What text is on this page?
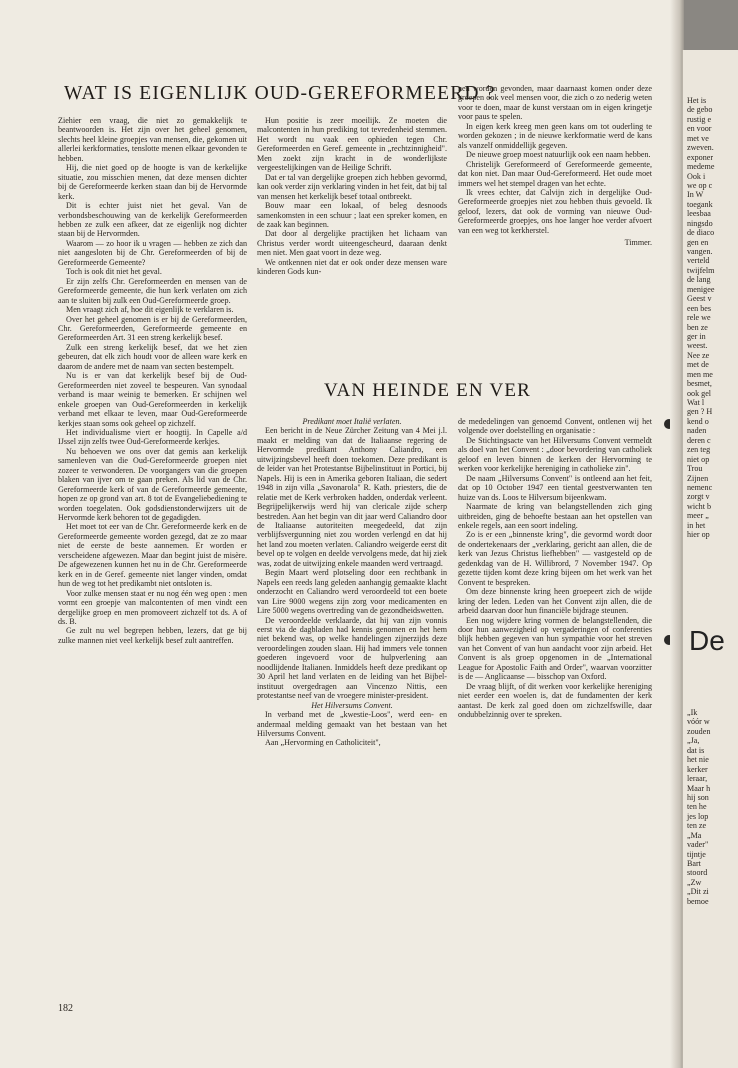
WAT IS EIGENLIJK OUD-GEREFORMEERD ?

Ziehier een vraag, die niet zo gemakkelijk te beantwoorden is. Het zijn over het geheel genomen, slechts heel kleine groepjes van mensen, die, gekomen uit allerlei kerkformaties, tenslotte menen elkaar gevonden te hebben.

Hij, die niet goed op de hoogte is van de kerkelijke situatie, zou misschien menen, dat deze mensen dichter bij de Gereformeerde kerken staan dan bij de Hervormde kerk.

Dit is echter juist niet het geval. Van de verbondsbeschouwing van de kerkelijk Gereformeerden hebben ze zulk een afkeer, dat ze eigenlijk nog dichter staan bij de Hervormden.

Waarom — zo hoor ik u vragen — hebben ze zich dan niet aangesloten bij de Chr. Gereformeerden of bij de Gereformeerde Gemeente?

Toch is ook dit niet het geval.

Er zijn zelfs Chr. Gereformeerden en mensen van de Gereformeerde gemeente, die hun kerk verlaten om zich aan te sluiten bij zulk een Oud-Gereformeerde groep.

Men vraagt zich af, hoe dit eigenlijk te verklaren is.

Over het geheel genomen is er bij de Gereformeerden, Chr. Gereformeerden, Gereformeerde gemeente en Gereformeerden Art. 31 een streng kerkelijk besef.

Zulk een streng kerkelijk besef, dat we het zien gebeuren, dat elk zich houdt voor de alleen ware kerk en daarom de andere met de naam van secten bestempelt.

Nu is er van dat kerkelijk besef bij de Oud-Gereformeerden niet zoveel te bespeuren. Van synodaal verband is maar weinig te bemerken. Er schijnen wel enkele groepen van Oud-Gereformeerden in kerkelijk verband met elkaar te leven, maar Oud-Gereformeerde kerkjes staan soms ook geheel op zichzelf.

Het individualisme viert er hoogtij. In Capelle a/d IJssel zijn zelfs twee Oud-Gereformeerde kerkjes.

Nu behoeven we ons over dat gemis aan kerkelijk samenleven van die Oud-Gereformeerde groepen niet zozeer te verwonderen. De voorgangers van die groepen blaken van ijver om te gaan preken. Als lid van de Chr. Gereformeerde kerk of van de Gereformeerde gemeente, hopen ze op grond van art. 8 tot de Evangeliebediening te worden toegelaten. Ook godsdienstonderwijzers uit de Hervormde kerk behoren tot de gegadigden.

Het moet tot eer van de Chr. Gereformeerde kerk en de Gereformeerde gemeente worden gezegd, dat ze zo maar niet de eerste de beste aannemen. Er worden er verscheidene afgewezen. Maar dan begint juist de misère. De afgewezenen kunnen het nu in de Chr. Gereformeerde kerk en in de Geref. gemeente niet langer vinden, omdat hun de weg tot het predikambt niet ontsloten is.

Voor zulke mensen staat er nu nog één weg open : men vormt een groepje van malcontenten of men vindt een dergelijke groep en men promoveert zichzelf tot ds. A of ds. B.

Ge zult nu wel begrepen hebben, lezers, dat ge bij zulke mannen niet veel kerkelijk besef zult aantreffen.

Hun positie is zeer moeilijk. Ze moeten die malcontenten in hun prediking tot tevredenheid stemmen. Het wordt nu vaak een ophieden tegen Chr. Gereformeerden en Geref. gemeente in „rechtzinnigheid". Men zoekt zijn kracht in de wonderlijkste vergeestelijkingen van de Heilige Schrift.

Dat er tal van dergelijke groepen zich hebben gevormd, kan ook verder zijn verklaring vinden in het feit, dat bij tal van mensen het kerkelijk besef totaal ontbreekt.

Bouw maar een lokaal, of beleg desnoods samenkomsten in een schuur ; laat een spreker komen, en de zaak kan beginnen.

Dat door al dergelijke practijken het lichaam van Christus verder wordt uiteengescheurd, daaraan denkt men niet. Men gaat voort in deze weg.

We ontkennen niet dat er ook onder deze mensen ware kinderen Gods kun-

nen worden gevonden, maar daarnaast komen onder deze groepen ook veel mensen voor, die zich o zo nederig weten voor te doen, maar de kunst verstaan om in eigen kringetje voor paus te spelen.

In eigen kerk kreeg men geen kans om tot ouderling te worden gekozen ; in de nieuwe kerkformatie werd de kans als vanzelf onmiddellijk gegeven.

De nieuwe groep moest natuurlijk ook een naam hebben.

Christelijk Gereformeerd of Gereformeerde gemeente, dat kon niet. Dan maar Oud-Gereformeerd. Het oude moet immers wel het stempel dragen van het echte.

Ik vrees echter, dat Calvijn zich in dergelijke Oud-Gereformeerde groepjes niet zou hebben thuis gevoeld. Ik geloof, lezers, dat ook de vorming van nieuwe Oud-Gereformeerde groepjes, ons hoe langer hoe verder afvoert van een weg tot kerkherstel.

Timmer.

VAN HEINDE EN VER

Predikant moet Italië verlaten.

Een bericht in de Neue Zürcher Zeitung van 4 Mei j.l. maakt er melding van dat de Italiaanse regering de Hervormde predikant Anthony Caliandro, een uitwijzingsbevel heeft doen toekomen. Deze predikant is de leider van het Protestantse Bijbelinstituut in Portici, bij Napels. Hij is een in Amerika geboren Italiaan, die sedert 1948 in zijn villa „Savonarola" R. Kath. priesters, die de relatie met de Kerk verbroken hadden, onderdak verleent. Begrijpelijkerwijs werd hij van clericale zijde scherp bestreden. Aan het begin van dit jaar werd Caliandro door de Italiaanse autoriteiten meegedeeld, dat zijn verblijfsvergunning niet zou worden verlengd en dat hij het land zou moeten verlaten. Caliandro weigerde eerst dit bevel op te volgen en deelde vervolgens mede, dat hij ziek was, zodat de uitwijzing enkele maanden werd vertraagd.

Begin Maart werd plotseling door een rechtbank in Napels een reeds lang geleden aanhangig gemaakte klacht onderzocht en Caliandro werd veroordeeld tot een boete van Lire 9000 wegens zijn zorg voor medicamenten en Lire 5000 wegens overtreding van de gezondheidswetten.

De veroordeelde verklaarde, dat hij van zijn vonnis eerst via de dagbladen had kennis genomen en het hem niet bekend was, op welke handelingen zijnerzijds deze veroordelingen zouden slaan. Hij had immers vele tonnen goederen ingevoerd voor de hulpverlening aan noodlijdende Italianen. Inmiddels heeft deze predikant op 30 April het land verlaten en de leiding van het Bijbel-instituut overgedragen aan Vincenzo Nittis, een protestantse neef van de vroegere minister-president.

Het Hilversums Convent.

In verband met de „kwestie-Loos", werd een- en andermaal melding gemaakt van het bestaan van het Hilversums Convent.

Aan „Hervorming en Catholiciteit",

de mededelingen van genoemd Convent, ontlenen wij het volgende over doelstelling en organisatie :

De Stichtingsacte van het Hilversums Convent vermeldt als doel van het Convent : „door bevordering van catholiek geloof en leven binnen de kerken der Hervorming te werken voor kerkelijke hereniging in catholieke zin".

De naam „Hilversums Convent" is ontleend aan het feit, dat op 10 October 1947 een tiental geestverwanten ten huize van ds. Loos te Hilversum bijeenkwam.

Naarmate de kring van belangstellenden zich ging uitbreiden, ging de behoefte bestaan aan het opstellen van enkele regels, aan een soort indeling.

Zo is er een „binnenste kring", die gevormd wordt door de ondertekenaars der „verklaring, gericht aan allen, die de kerk van Jezus Christus liefhebben" — vastgesteld op de gedenkdag van de H. Willibrord, 7 November 1947. Op gezette tijden komt deze kring bijeen om het werk van het Convent te bespreken.

Om deze binnenste kring heen groepeert zich de wijde kring der leden. Leden van het Convent zijn allen, die de arbeid daarvan door hun financiële bijdrage steunen.

Een nog wijdere kring vormen de belangstellenden, die door hun aanwezigheid op vergaderingen of conferenties blijk hebben gegeven van hun sympathie voor het streven van het Convent of van hun aandacht voor zijn arbeid. Het Convent is als groep opgenomen in de „International League for Apostolic Faith and Order", waarvan voorzitter is de — Anglicaanse — bisschop van Oxford.

De vraag blijft, of dit werken voor kerkelijke hereniging niet eerder een woelen is, dat de fundamenten der kerk aantast. De kerk zal goed doen om zichzelfswille, daar ondubbelzinnig over te spreken.

182
Het is
de gebo
rustig e
en voor
met ve
zweven.
exponer
medeme
Ook i
we op c
In W
toegank
leesbaa
ningsdo
de diaco
gen en
vangen.
verteld
twijfelm
de lang
menigee
Geest v
een bes
rele we
ben ze
ger in
weest.
Nee ze
met de
men me
besmet,
ook gel
Wat l
gen ? H
kend o
naden
deren c
zen teg
niet op
Trou
Zijnen
nemenc
zorgt v
wicht b
meer „
in het
hier op
De
„Ik
vóór w
zouden
„Ja,
dat is
het nie
kerker
leraar,
Maar h
hij son
ten he
jes lop
ten ze
„Ma
vader"
tijntje
Bart
stoord
„Zw
„Dit zi
bemoe
